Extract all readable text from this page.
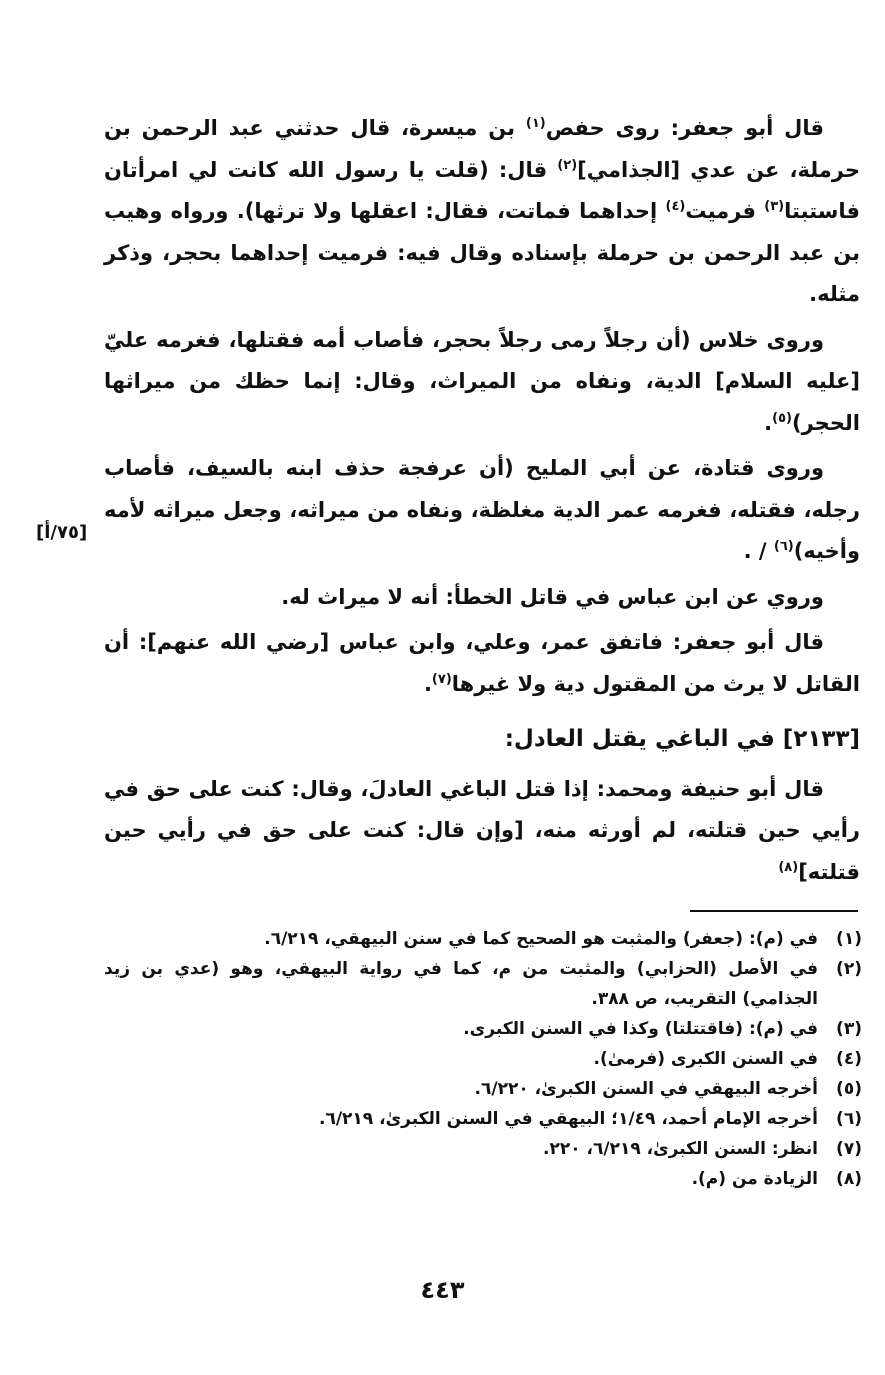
قال أبو جعفر: روى حفص$^{(١)}$ بن ميسرة، قال حدثني عبد الرحمن بن حرملة، عن عدي [الجذامي]$^{(٢)}$ قال: (قلت يا رسول الله كانت لي امرأتان فاستبتا$^{(٣)}$ فرميت$^{(٤)}$ إحداهما فماتت، فقال: اعقلها ولا ترثها). ورواه وهيب بن عبد الرحمن بن حرملة بإسناده وقال فيه: فرميت إحداهما بحجر، وذكر مثله.

وروى خلاس (أن رجلاً رمى رجلاً بحجر، فأصاب أمه فقتلها، فغرمه عليّ [عليه السلام] الدية، ونفاه من الميراث، وقال: إنما حظك من ميراثها الحجر)$^{(٥)}$.

وروى قتادة، عن أبي المليح (أن عرفجة حذف ابنه بالسيف، فأصاب رجله، فقتله، فغرمه عمر الدية مغلظة، ونفاه من ميراثه، وجعل ميراثه لأمه وأخيه)$^{(٦)}$ / .

وروي عن ابن عباس في قاتل الخطأ: أنه لا ميراث له.

قال أبو جعفر: فاتفق عمر، وعلي، وابن عباس [رضي الله عنهم]: أن القاتل لا يرث من المقتول دية ولا غيرها$^{(٧)}$.

[٢١٣٣] في الباغي يقتل العادل:

قال أبو حنيفة ومحمد: إذا قتل الباغي العادلَ، وقال: كنت على حق في رأيي حين قتلته، لم أورثه منه، [وإن قال: كنت على حق في رأيي حين قتلته]$^{(٨)}$

[٧٥/أ]
(١)
في (م): (جعفر) والمثبت هو الصحيح كما في سنن البيهقي، ٦/٢١٩.
(٢)
في الأصل (الحزابي) والمثبت من م، كما في رواية البيهقي، وهو (عدي بن زيد الجذامي) التقريب، ص ٣٨٨.
(٣)
في (م): (فاقتتلتا) وكذا في السنن الكبرى.
(٤)
في السنن الكبرى (فرمىٰ).
(٥)
أخرجه البيهقي في السنن الكبرىٰ، ٦/٢٢٠.
(٦)
أخرجه الإمام أحمد، ١/٤٩؛ البيهقي في السنن الكبرىٰ، ٦/٢١٩.
(٧)
انظر: السنن الكبرىٰ، ٦/٢١٩، ٢٢٠.
(٨)
الزيادة من (م).
٤٤٣
